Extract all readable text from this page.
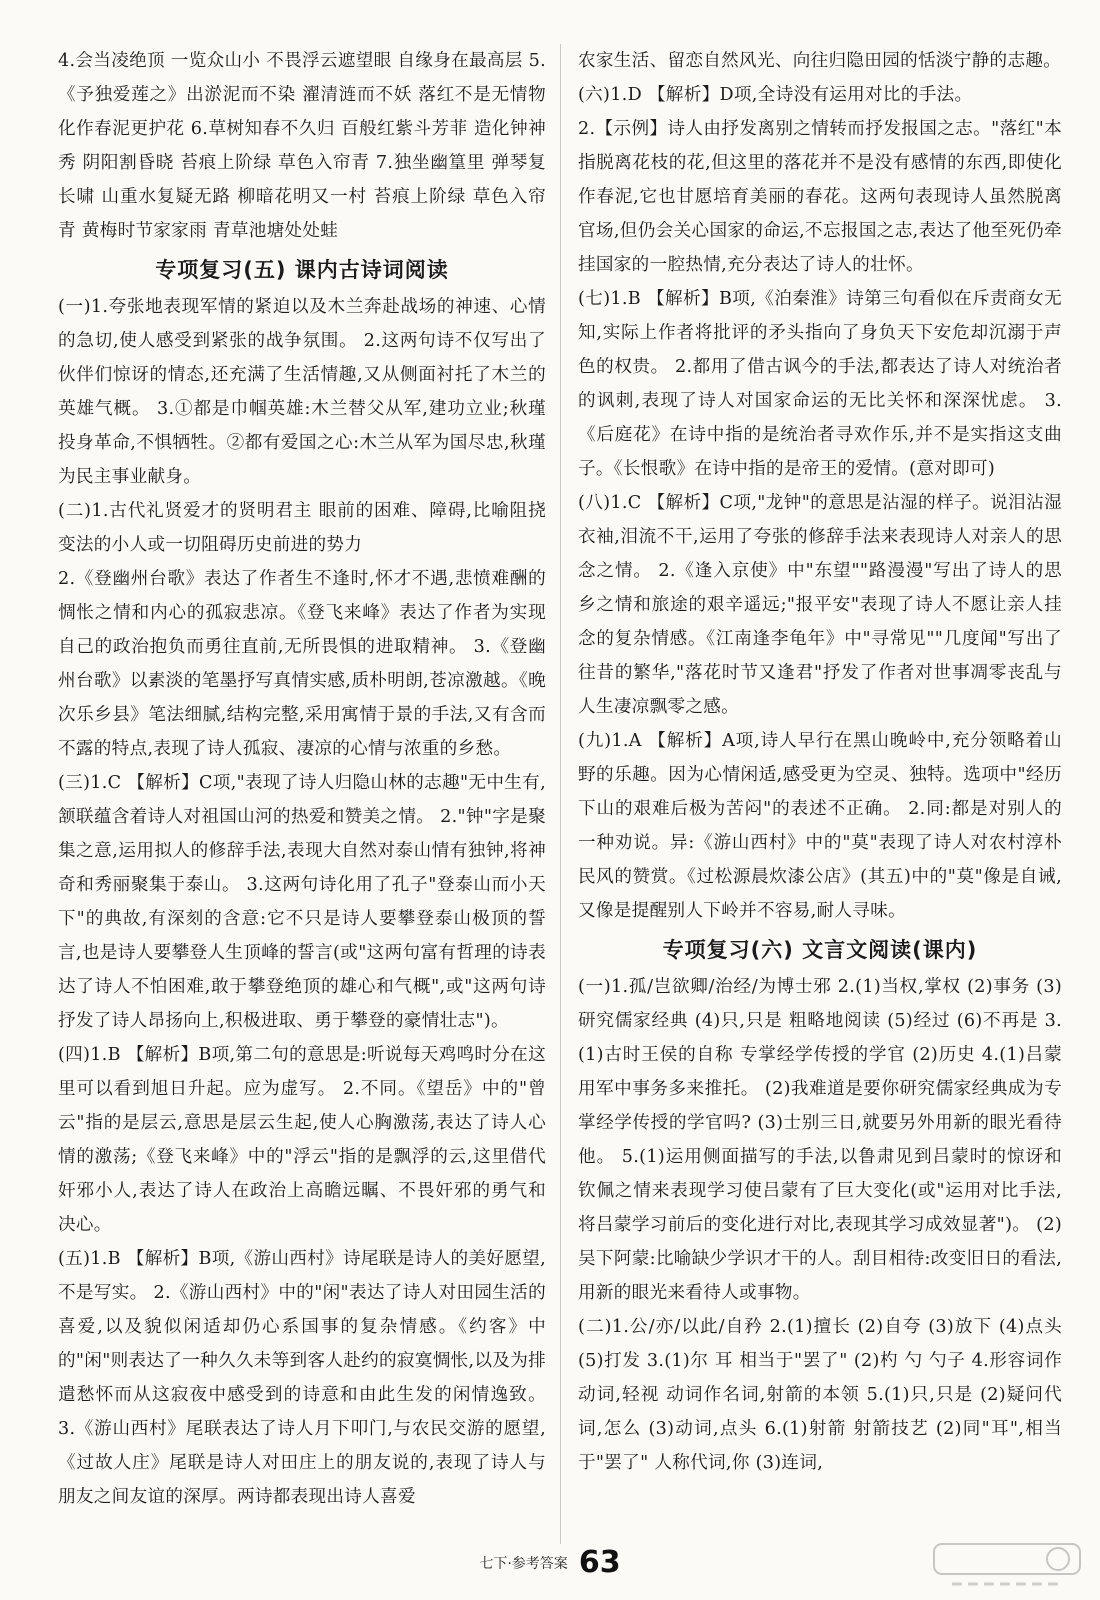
4.会当凌绝顶 一览众山小 不畏浮云遮望眼 自缘身在最高层 5.《予独爱莲之》出淤泥而不染 濯清涟而不妖 落红不是无情物 化作春泥更护花 6.草树知春不久归 百般红紫斗芳菲 造化钟神秀 阴阳割昏晓 苔痕上阶绿 草色入帘青 7.独坐幽篁里 弹琴复长啸 山重水复疑无路 柳暗花明又一村 苔痕上阶绿 草色入帘青 黄梅时节家家雨 青草池塘处处蛙

专项复习(五) 课内古诗词阅读

(一)1.夸张地表现军情的紧迫以及木兰奔赴战场的神速、心情的急切,使人感受到紧张的战争氛围。 2.这两句诗不仅写出了伙伴们惊讶的情态,还充满了生活情趣,又从侧面衬托了木兰的英雄气概。 3.①都是巾帼英雄:木兰替父从军,建功立业;秋瑾投身革命,不惧牺牲。②都有爱国之心:木兰从军为国尽忠,秋瑾为民主事业献身。

(二)1.古代礼贤爱才的贤明君主 眼前的困难、障碍,比喻阻挠变法的小人或一切阻碍历史前进的势力

2.《登幽州台歌》表达了作者生不逢时,怀才不遇,悲愤难酬的惆怅之情和内心的孤寂悲凉。《登飞来峰》表达了作者为实现自己的政治抱负而勇往直前,无所畏惧的进取精神。 3.《登幽州台歌》以素淡的笔墨抒写真情实感,质朴明朗,苍凉激越。《晚次乐乡县》笔法细腻,结构完整,采用寓情于景的手法,又有含而不露的特点,表现了诗人孤寂、凄凉的心情与浓重的乡愁。

(三)1.C 【解析】C项,"表现了诗人归隐山林的志趣"无中生有,颔联蕴含着诗人对祖国山河的热爱和赞美之情。 2."钟"字是聚集之意,运用拟人的修辞手法,表现大自然对泰山情有独钟,将神奇和秀丽聚集于泰山。 3.这两句诗化用了孔子"登泰山而小天下"的典故,有深刻的含意:它不只是诗人要攀登泰山极顶的誓言,也是诗人要攀登人生顶峰的誓言(或"这两句富有哲理的诗表达了诗人不怕困难,敢于攀登绝顶的雄心和气概",或"这两句诗抒发了诗人昂扬向上,积极进取、勇于攀登的豪情壮志")。

(四)1.B 【解析】B项,第二句的意思是:听说每天鸡鸣时分在这里可以看到旭日升起。应为虚写。 2.不同。《望岳》中的"曾云"指的是层云,意思是层云生起,使人心胸激荡,表达了诗人心情的激荡;《登飞来峰》中的"浮云"指的是飘浮的云,这里借代奸邪小人,表达了诗人在政治上高瞻远瞩、不畏奸邪的勇气和决心。

(五)1.B 【解析】B项,《游山西村》诗尾联是诗人的美好愿望,不是写实。 2.《游山西村》中的"闲"表达了诗人对田园生活的喜爱,以及貌似闲适却仍心系国事的复杂情感。《约客》中的"闲"则表达了一种久久未等到客人赴约的寂寞惆怅,以及为排遣愁怀而从这寂夜中感受到的诗意和由此生发的闲情逸致。 3.《游山西村》尾联表达了诗人月下叩门,与农民交游的愿望,《过故人庄》尾联是诗人对田庄上的朋友说的,表现了诗人与朋友之间友谊的深厚。两诗都表现出诗人喜爱

农家生活、留恋自然风光、向往归隐田园的恬淡宁静的志趣。

(六)1.D 【解析】D项,全诗没有运用对比的手法。

2.【示例】诗人由抒发离别之情转而抒发报国之志。"落红"本指脱离花枝的花,但这里的落花并不是没有感情的东西,即使化作春泥,它也甘愿培育美丽的春花。这两句表现诗人虽然脱离官场,但仍会关心国家的命运,不忘报国之志,表达了他至死仍牵挂国家的一腔热情,充分表达了诗人的壮怀。

(七)1.B 【解析】B项,《泊秦淮》诗第三句看似在斥责商女无知,实际上作者将批评的矛头指向了身负天下安危却沉溺于声色的权贵。 2.都用了借古讽今的手法,都表达了诗人对统治者的讽刺,表现了诗人对国家命运的无比关怀和深深忧虑。 3.《后庭花》在诗中指的是统治者寻欢作乐,并不是实指这支曲子。《长恨歌》在诗中指的是帝王的爱情。(意对即可)

(八)1.C 【解析】C项,"龙钟"的意思是沾湿的样子。说泪沾湿衣袖,泪流不干,运用了夸张的修辞手法来表现诗人对亲人的思念之情。 2.《逢入京使》中"东望""路漫漫"写出了诗人的思乡之情和旅途的艰辛遥远;"报平安"表现了诗人不愿让亲人挂念的复杂情感。《江南逢李龟年》中"寻常见""几度闻"写出了往昔的繁华,"落花时节又逢君"抒发了作者对世事凋零丧乱与人生凄凉飘零之感。

(九)1.A 【解析】A项,诗人早行在黑山晚岭中,充分领略着山野的乐趣。因为心情闲适,感受更为空灵、独特。选项中"经历下山的艰难后极为苦闷"的表述不正确。 2.同:都是对别人的一种劝说。异:《游山西村》中的"莫"表现了诗人对农村淳朴民风的赞赏。《过松源晨炊漆公店》(其五)中的"莫"像是自诫,又像是提醒别人下岭并不容易,耐人寻味。

专项复习(六) 文言文阅读(课内)

(一)1.孤/岂欲卿/治经/为博士邪 2.(1)当权,掌权 (2)事务 (3)研究儒家经典 (4)只,只是 粗略地阅读 (5)经过 (6)不再是 3.(1)古时王侯的自称 专掌经学传授的学官 (2)历史 4.(1)吕蒙用军中事务多来推托。 (2)我难道是要你研究儒家经典成为专掌经学传授的学官吗? (3)士别三日,就要另外用新的眼光看待他。 5.(1)运用侧面描写的手法,以鲁肃见到吕蒙时的惊讶和钦佩之情来表现学习使吕蒙有了巨大变化(或"运用对比手法,将吕蒙学习前后的变化进行对比,表现其学习成效显著")。 (2)吴下阿蒙:比喻缺少学识才干的人。刮目相待:改变旧日的看法,用新的眼光来看待人或事物。

(二)1.公/亦/以此/自矜 2.(1)擅长 (2)自夸 (3)放下 (4)点头 (5)打发 3.(1)尔 耳 相当于"罢了" (2)杓 勺 勺子 4.形容词作动词,轻视 动词作名词,射箭的本领 5.(1)只,只是 (2)疑问代词,怎么 (3)动词,点头 6.(1)射箭 射箭技艺 (2)同"耳",相当于"罢了" 人称代词,你 (3)连词,

七下·参考答案 63
